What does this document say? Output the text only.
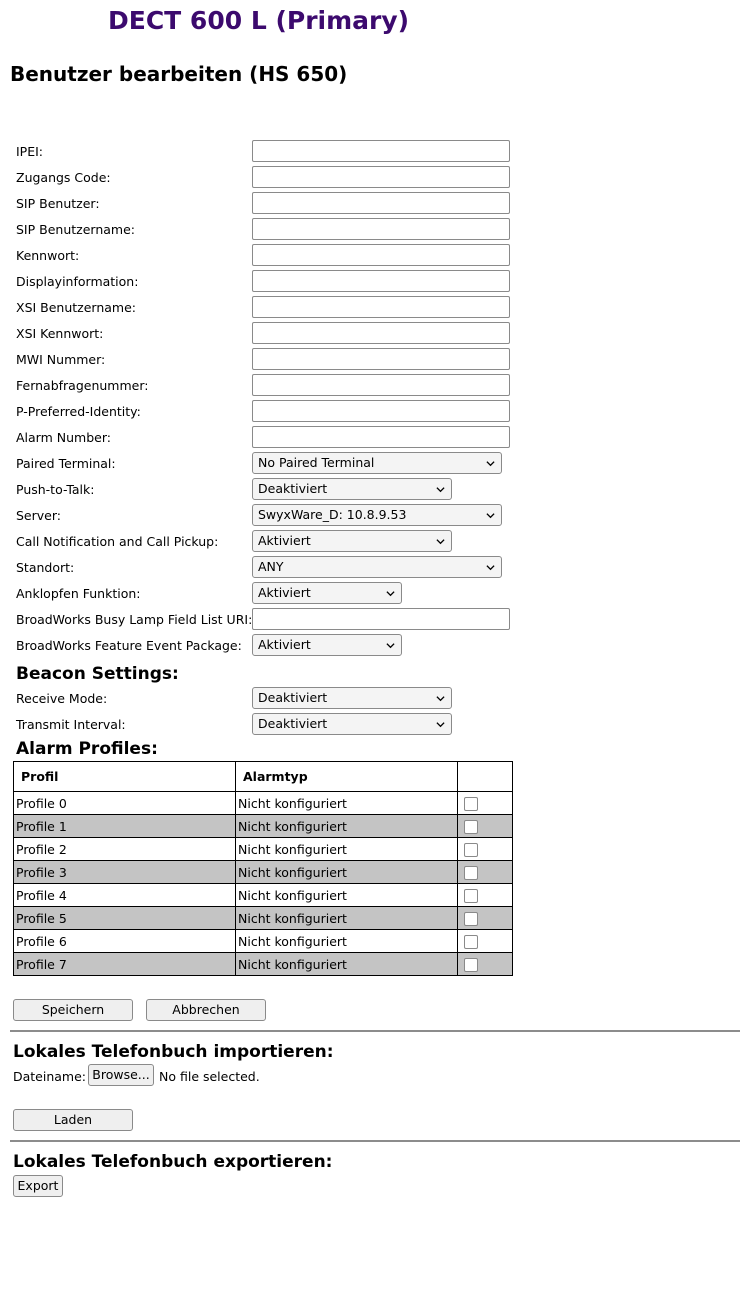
DECT 600 L (Primary)
Benutzer bearbeiten (HS 650)
IPEI:
Zugangs Code:
SIP Benutzer:
SIP Benutzername:
Kennwort:
Displayinformation:
XSI Benutzername:
XSI Kennwort:
MWI Nummer:
Fernabfragenummer:
P-Preferred-Identity:
Alarm Number:
Paired Terminal:	No Paired Terminal
Push-to-Talk:	Deaktiviert
Server:	SwyxWare_D: 10.8.9.53
Call Notification and Call Pickup:	Aktiviert
Standort:	ANY
Anklopfen Funktion:	Aktiviert
BroadWorks Busy Lamp Field List URI:
BroadWorks Feature Event Package:	Aktiviert
Beacon Settings:
Receive Mode:	Deaktiviert
Transmit Interval:	Deaktiviert
Alarm Profiles:
Profil	Alarmtyp	
Profile 0	Nicht konfiguriert	
Profile 1	Nicht konfiguriert	
Profile 2	Nicht konfiguriert	
Profile 3	Nicht konfiguriert	
Profile 4	Nicht konfiguriert	
Profile 5	Nicht konfiguriert	
Profile 6	Nicht konfiguriert	
Profile 7	Nicht konfiguriert	
Speichern	Abbrechen
Lokales Telefonbuch importieren:
Dateiname: Browse... No file selected.
Laden
Lokales Telefonbuch exportieren:
Export
